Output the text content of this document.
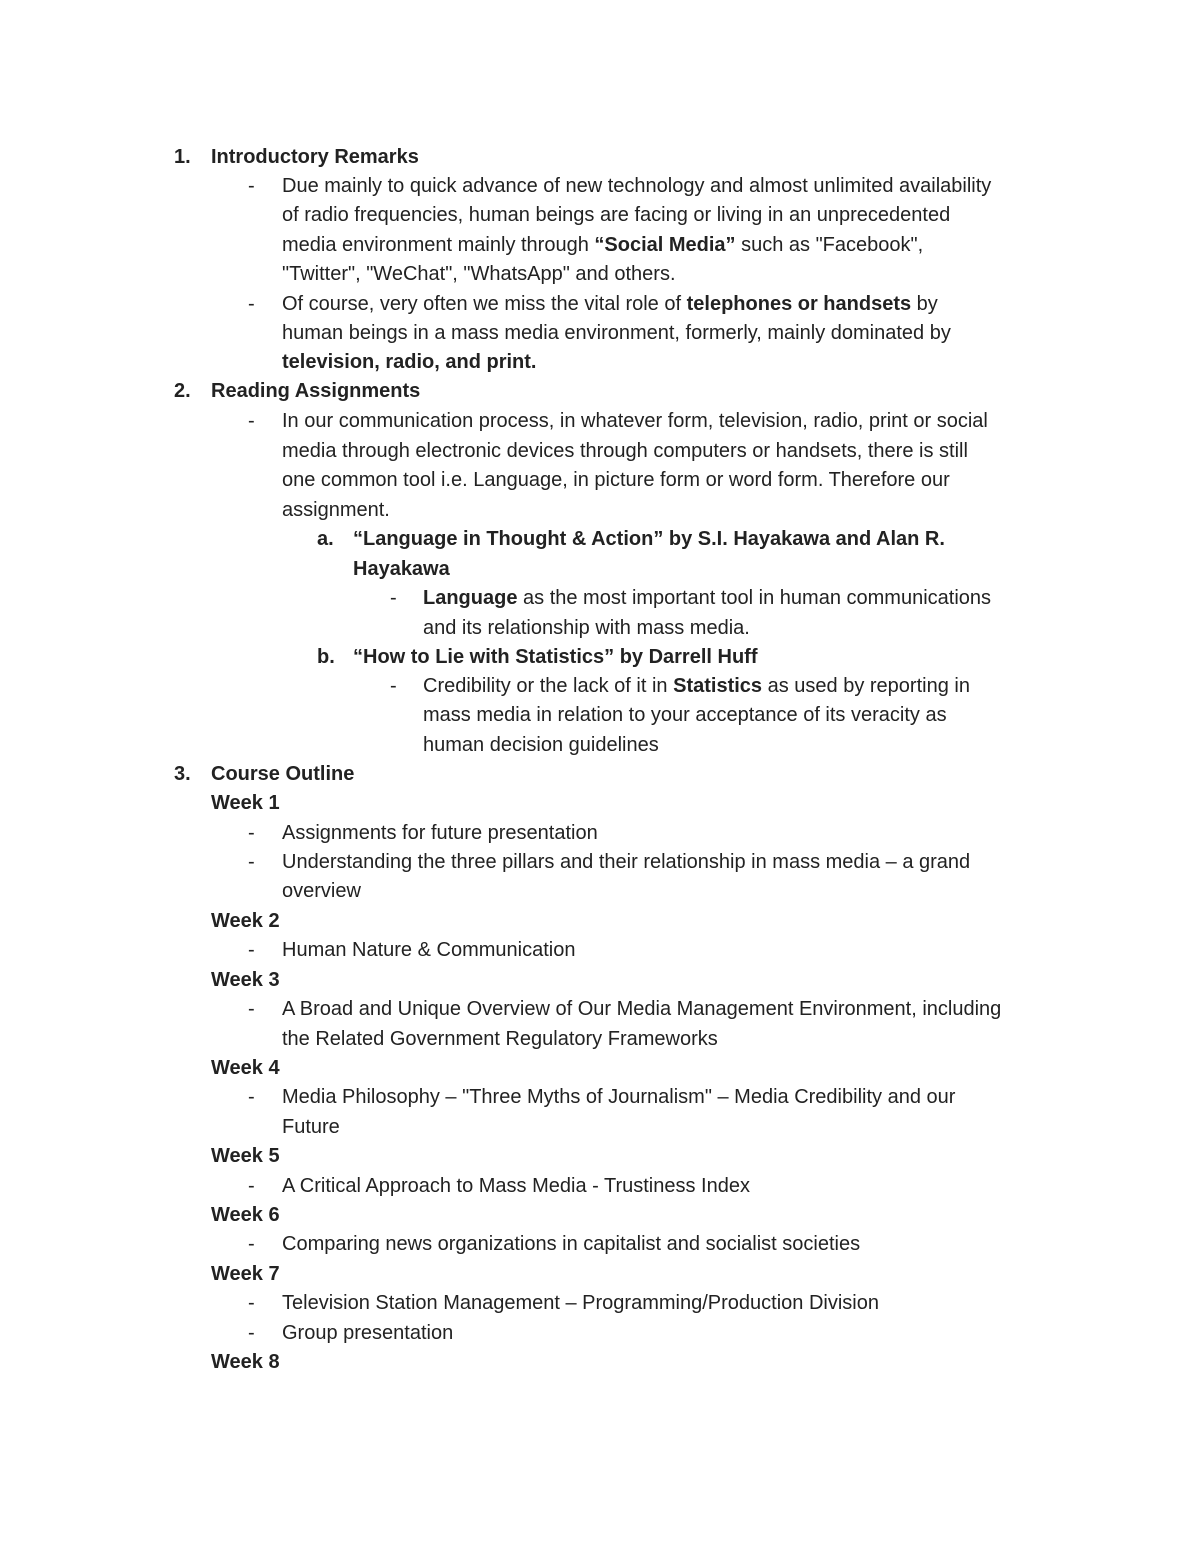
1. Introductory Remarks
- Due mainly to quick advance of new technology and almost unlimited availability
of radio frequencies, human beings are facing or living in an unprecedented
media environment mainly through “Social Media” such as "Facebook",
"Twitter", "WeChat", "WhatsApp" and others.
- Of course, very often we miss the vital role of telephones or handsets by
human beings in a mass media environment, formerly, mainly dominated by
television, radio, and print.
2. Reading Assignments
- In our communication process, in whatever form, television, radio, print or social
media through electronic devices through computers or handsets, there is still
one common tool i.e. Language, in picture form or word form. Therefore our
assignment.
a. “Language in Thought & Action” by S.I. Hayakawa and Alan R.
Hayakawa
- Language as the most important tool in human communications
and its relationship with mass media.
b. “How to Lie with Statistics” by Darrell Huff
- Credibility or the lack of it in Statistics as used by reporting in
mass media in relation to your acceptance of its veracity as
human decision guidelines
3. Course Outline
Week 1
- Assignments for future presentation
- Understanding the three pillars and their relationship in mass media – a grand
overview
Week 2
- Human Nature & Communication
Week 3
- A Broad and Unique Overview of Our Media Management Environment, including
the Related Government Regulatory Frameworks
Week 4
- Media Philosophy – "Three Myths of Journalism" – Media Credibility and our
Future
Week 5
- A Critical Approach to Mass Media - Trustiness Index
Week 6
- Comparing news organizations in capitalist and socialist societies
Week 7
- Television Station Management – Programming/Production Division
- Group presentation
Week 8
